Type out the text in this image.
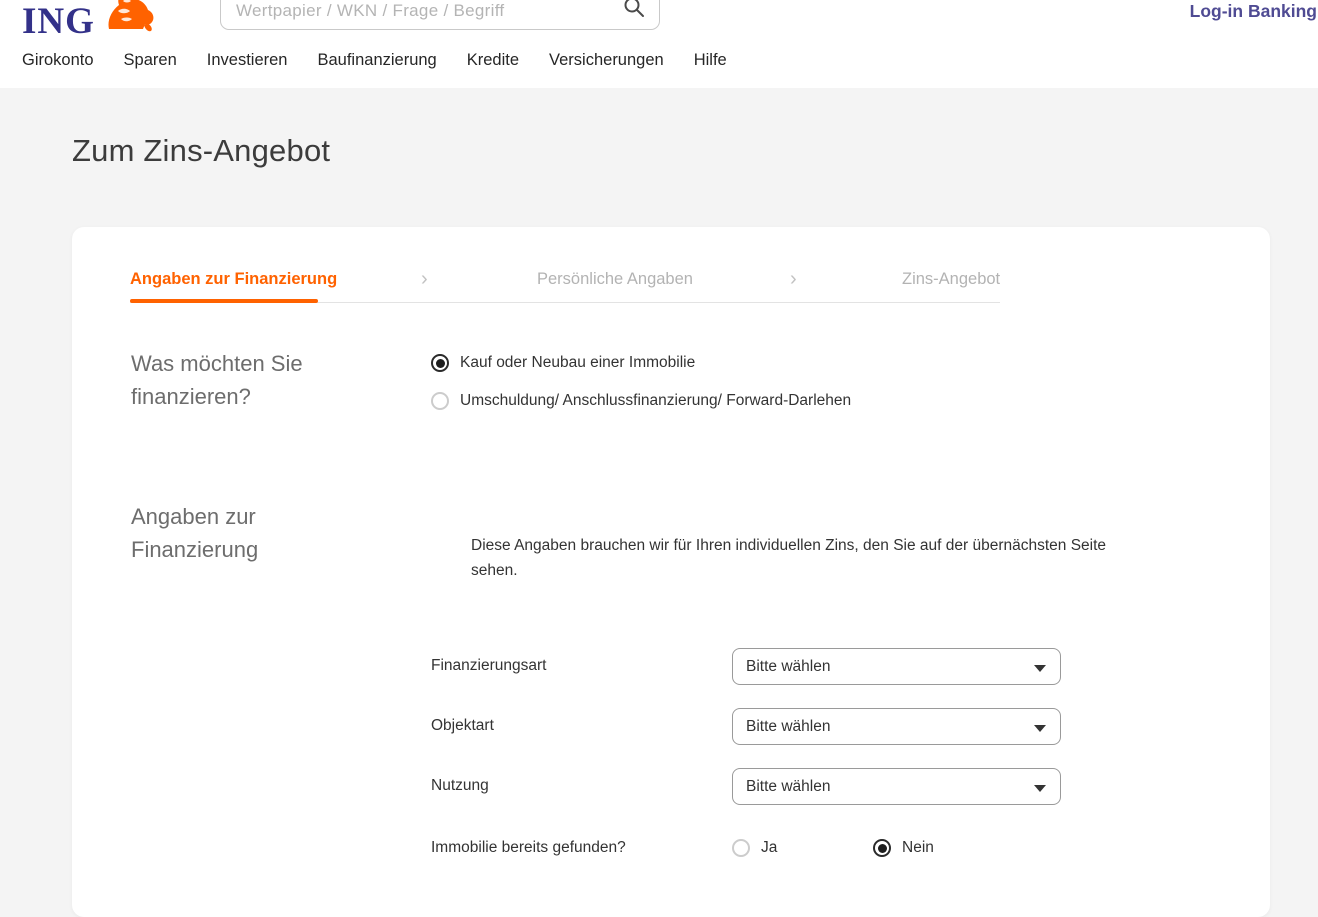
ING	Wertpapier / WKN / Frage / Begriff	Log-in Banking
Girokonto Sparen Investieren Baufinanzierung Kredite Versicherungen Hilfe
Zum Zins-Angebot
Angaben zur Finanzierung	›	Persönliche Angaben	›	Zins-Angebot
Was möchten Sie finanzieren?
Kauf oder Neubau einer Immobilie
Umschuldung/ Anschlussfinanzierung/ Forward-Darlehen
Angaben zur Finanzierung	Diese Angaben brauchen wir für Ihren individuellen Zins, den Sie auf der übernächsten Seite sehen.
Finanzierungsart	Bitte wählen
Objektart	Bitte wählen
Nutzung	Bitte wählen
Immobilie bereits gefunden?	Ja	Nein
